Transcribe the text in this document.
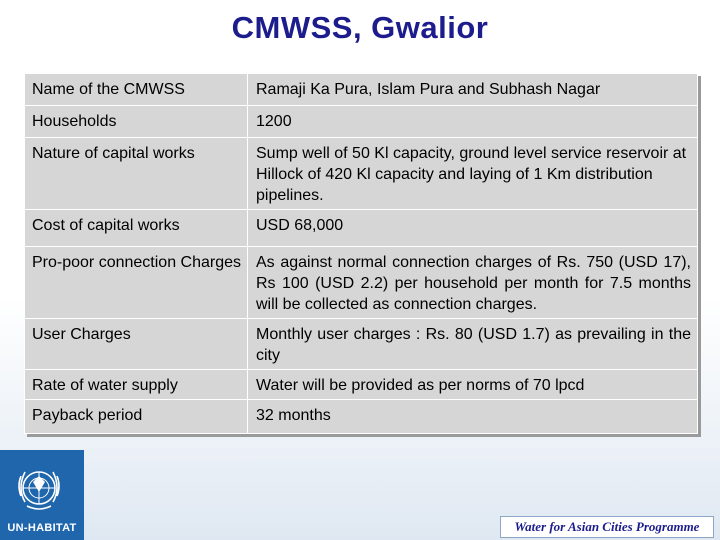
CMWSS, Gwalior
Name of the CMWSS	Ramaji Ka Pura, Islam Pura and Subhash Nagar
Households	1200
Nature of capital works	Sump well of 50 Kl capacity, ground level service reservoir at Hillock of 420 Kl capacity and laying of 1 Km distribution pipelines.
Cost of capital works	USD 68,000
Pro-poor connection Charges	As against normal connection charges of Rs. 750 (USD 17), Rs 100 (USD 2.2) per household per month for 7.5 months will be collected as connection charges.
User Charges	Monthly user charges : Rs. 80 (USD 1.7) as prevailing in the city
Rate of water supply	Water will be provided as per norms of 70 lpcd
Payback period	32 months
UN-HABITAT	Water for Asian Cities Programme
